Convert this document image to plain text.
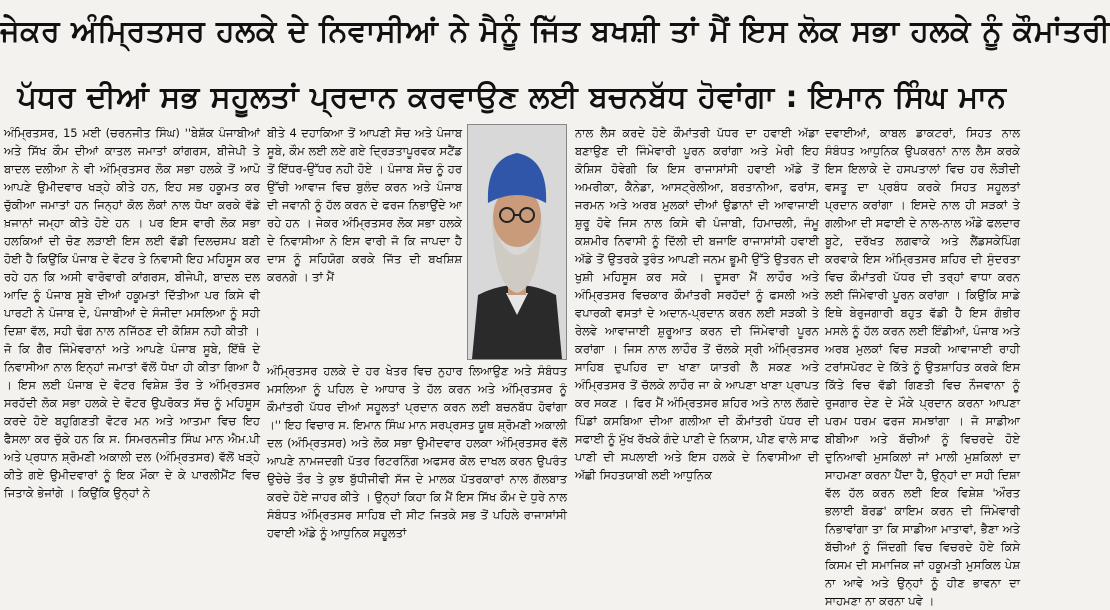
ਜੇਕਰ ਅੰਮ੍ਰਿਤਸਰ ਹਲਕੇ ਦੇ ਨਿਵਾਸੀਆਂ ਨੇ ਮੈਨੂੰ ਜਿੱਤ ਬਖਸ਼ੀ ਤਾਂ ਮੈਂ ਇਸ ਲੋਕ ਸਭਾ ਹਲਕੇ ਨੂੰ ਕੌਮਾਂਤਰੀ
ਪੱਧਰ ਦੀਆਂ ਸਭ ਸਹੂਲਤਾਂ ਪ੍ਰਦਾਨ ਕਰਵਾਉਣ ਲਈ ਬਚਨਬੱਧ ਹੋਵਾਂਗਾ : ਇਮਾਨ ਸਿੰਘ ਮਾਨ

ਅੰਮ੍ਰਿਤਸਰ, 15 ਮਈ (ਚਰਨਜੀਤ ਸਿੰਘ) ''ਬੇਸ਼ੱਕ ਪੰਜਾਬੀਆਂ ਅਤੇ ਸਿੱਖ ਕੌਮ ਦੀਆਂ ਕਾਤਲ ਜਮਾਤਾਂ ਕਾਂਗਰਸ, ਬੀਜੇਪੀ ਤੇ ਬਾਦਲ ਦਲੀਆ ਨੇ ਵੀ ਅੰਮ੍ਰਿਤਸਰ ਲੋਕ ਸਭਾ ਹਲਕੇ ਤੋਂ ਆਪੋ ਆਪਣੇ ਉਮੀਦਵਾਰ ਖੜ੍ਹੇ ਕੀਤੇ ਹਨ, ਇਹ ਸਭ ਹਕੂਮਤ ਕਰ ਚੁੱਕੀਆ ਜਮਾਤਾਂ ਹਨ ਜਿਨ੍ਹਾਂ ਕੋਲ ਲੋਕਾਂ ਨਾਲ ਧੋਖਾ ਕਰਕੇ ਵੱਡੇ ਖ਼ਜਾਨਾਂ ਜਮ੍ਹਾ ਕੀਤੇ ਹੋਏ ਹਨ । ਪਰ ਇਸ ਵਾਰੀ ਲੋਕ ਸਭਾ ਹਲਕਿਆਂ ਦੀ ਚੋਣ ਲੜਾਈ ਇਸ ਲਈ ਵੱਡੀ ਦਿਲਚਸਪ ਬਣੀ ਹੋਈ ਹੈ ਕਿਉਂਕਿ ਪੰਜਾਬ ਦੇ ਵੋਟਰ ਤੇ ਨਿਵਾਸੀ ਇਹ ਮਹਿਸੂਸ ਕਰ ਰਹੇ ਹਨ ਕਿ ਅਸੀ ਵਾਰੋਵਾਰੀ ਕਾਂਗਰਸ, ਬੀਜੇਪੀ, ਬਾਦਲ ਦਲ ਆਦਿ ਨੂੰ ਪੰਜਾਬ ਸੂਬੇ ਦੀਆਂ ਹਕੂਮਤਾਂ ਦਿੱਤੀਆ ਪਰ ਕਿਸੇ ਵੀ ਪਾਰਟੀ ਨੇ ਪੰਜਾਬ ਦੇ, ਪੰਜਾਬੀਆਂ ਦੇ ਸੰਜੀਦਾ ਮਸਲਿਆ ਨੂੰ ਸਹੀ ਦਿਸ਼ਾ ਵੱਲ, ਸਹੀ ਢੰਗ ਨਾਲ ਨਜਿੱਠਣ ਦੀ ਕੋਸ਼ਿਸ ਨਹੀ ਕੀਤੀ । ਜੋ ਕਿ ਗੈਰ ਜਿੰਮੇਵਰਾਨਾਂ ਅਤੇ ਆਪਣੇ ਪੰਜਾਬ ਸੂਬੇ, ਇੱਥੋ ਦੇ ਨਿਵਾਸੀਆ ਨਾਲ ਇਨ੍ਹਾਂ ਜਮਾਤਾਂ ਵੱਲੋਂ ਧੋਖਾ ਹੀ ਕੀਤਾ ਗਿਆ ਹੈ । ਇਸ ਲਈ ਪੰਜਾਬ ਦੇ ਵੋਟਰ ਵਿਸ਼ੇਸ਼ ਤੌਰ ਤੇ ਅੰਮ੍ਰਿਤਸਰ ਸਰਹੱਦੀ ਲੋਕ ਸਭਾ ਹਲਕੇ ਦੇ ਵੋਟਰ ਉਪਰੋਕਤ ਸੱਚ ਨੂੰ ਮਹਿਸੂਸ ਕਰਦੇ ਹੋਏ ਬਹੁਗਿਣਤੀ ਵੋਟਰ ਮਨ ਅਤੇ ਆਤਮਾ ਵਿਚ ਇਹ ਫੈਸਲਾ ਕਰ ਚੁੱਕੇ ਹਨ ਕਿ ਸ. ਸਿਮਰਨਜੀਤ ਸਿੰਘ ਮਾਨ ਐਮ.ਪੀ ਅਤੇ ਪ੍ਰਧਾਨ ਸ਼੍ਰੋਮਣੀ ਅਕਾਲੀ ਦਲ (ਅੰਮ੍ਰਿਤਸਰ) ਵੱਲੋਂ ਖੜ੍ਹੇ ਕੀਤੇ ਗਏ ਉਮੀਦਵਾਰਾਂ ਨੂੰ ਇਕ ਮੌਕਾ ਦੇ ਕੇ ਪਾਰਲੀਮੈਂਟ ਵਿਚ ਜਿਤਾਕੇ ਭੇਜਾਂਗੇ । ਕਿਉਂਕਿ ਉਨ੍ਹਾਂ ਨੇ

ਬੀਤੇ 4 ਦਹਾਕਿਆ ਤੋਂ ਆਪਣੀ ਸੋਚ ਅਤੇ ਪੰਜਾਬ ਸੂਬੇ, ਕੌਮ ਲਈ ਲਏ ਗਏ ਦ੍ਰਿੜਤਾਪੂਰਵਕ ਸਟੈਂਡ ਤੋਂ ਇੱਧਰ-ਉੱਧਰ ਨਹੀ ਹੋਏ । ਪੰਜਾਬ ਸੋਚ ਨੂੰ ਹਰ ਉੱਚੀ ਆਵਾਜ ਵਿਚ ਬੁਲੰਦ ਕਰਨ ਅਤੇ ਪੰਜਾਬ ਦੀ ਜਵਾਨੀ ਨੂੰ ਹੱਲ ਕਰਨ ਦੇ ਫਰਜ ਨਿਭਾਉਂਦੇ ਆ ਰਹੇ ਹਨ । ਜੇਕਰ ਅੰਮ੍ਰਿਤਸਰ ਲੋਕ ਸਭਾ ਹਲਕੇ ਦੇ ਨਿਵਾਸੀਆ ਨੇ ਇਸ ਵਾਰੀ ਜੋ ਕਿ ਜਾਪਦਾ ਹੈ ਦਾਸ ਨੂੰ ਸਹਿਯੋਗ ਕਰਕੇ ਜਿੱਤ ਦੀ ਬਖਸ਼ਿਸ਼ ਕਰਨਗੇ । ਤਾਂ ਮੈਂ

ਅੰਮ੍ਰਿਤਸਰ ਹਲਕੇ ਦੇ ਹਰ ਖੇਤਰ ਵਿਚ ਨੁਹਾਰ ਲਿਆਉਣ ਅਤੇ ਸੰਬੰਧਤ ਮਸਲਿਆ ਨੂੰ ਪਹਿਲ ਦੇ ਆਧਾਰ ਤੇ ਹੱਲ ਕਰਨ ਅਤੇ ਅੰਮ੍ਰਿਤਸਰ ਨੂੰ ਕੌਮਾਂਤਰੀ ਪੱਧਰ ਦੀਆਂ ਸਹੂਲਤਾਂ ਪ੍ਰਦਾਨ ਕਰਨ ਲਈ ਬਚਨਬੱਧ ਹੋਵਾਂਗਾ ।'' ਇਹ ਵਿਚਾਰ ਸ. ਇਮਾਨ ਸਿੰਘ ਮਾਨ ਸਰਪ੍ਰਸਤ ਯੂਥ ਸ਼੍ਰੋਮਣੀ ਅਕਾਲੀ ਦਲ (ਅੰਮ੍ਰਿਤਸਰ) ਅਤੇ ਲੋਕ ਸਭਾ ਉਮੀਦਵਾਰ ਹਲਕਾ ਅੰਮ੍ਰਿਤਸਰ ਵੱਲੋਂ ਆਪਣੇ ਨਾਮਜਦਗੀ ਪੱਤਰ ਰਿਟਰਨਿੰਗ ਅਫਸਰ ਕੋਲ ਦਾਖਲ ਕਰਨ ਉਪਰੰਤ ਉਚੇਚੇ ਤੌਰ ਤੇ ਕੁਝ ਬੁੱਧੀਜੀਵੀ ਸੱਜ ਦੇ ਮਾਲਕ ਪੱਤਰਕਾਰਾਂ ਨਾਲ ਗੱਲਬਾਤ ਕਰਦੇ ਹੋਏ ਜਾਹਰ ਕੀਤੇ । ਉਨ੍ਹਾਂ ਕਿਹਾ ਕਿ ਮੈਂ ਇਸ ਸਿੱਖ ਕੌਮ ਦੇ ਧੁਰੇ ਨਾਲ ਸੰਬੰਧਤ ਅੰਮ੍ਰਿਤਸਰ ਸਾਹਿਬ ਦੀ ਸੀਟ ਜਿਤਕੇ ਸਭ ਤੋਂ ਪਹਿਲੇ ਰਾਜਾਸਾਂਸੀ ਹਵਾਈ ਅੱਡੇ ਨੂੰ ਆਧੁਨਿਕ ਸਹੂਲਤਾਂ

ਨਾਲ ਲੈਸ ਕਰਦੇ ਹੋਏ ਕੌਮਾਂਤਰੀ ਪੱਧਰ ਦਾ ਹਵਾਈ ਅੱਡਾ ਬਣਾਉਣ ਦੀ ਜਿੰਮੇਵਾਰੀ ਪੂਰਨ ਕਰਾਂਗਾ ਅਤੇ ਮੇਰੀ ਇਹ ਕੋਸ਼ਿਸ ਹੋਵੇਗੀ ਕਿ ਇਸ ਰਾਜਾਸਾਂਸੀ ਹਵਾਈ ਅੱਡੇ ਤੋਂ ਅਮਰੀਕਾ, ਕੈਨੇਡਾ, ਆਸਟ੍ਰੇਲੀਆ, ਬਰਤਾਨੀਆ, ਫਰਾਂਸ, ਜਰਮਨ ਅਤੇ ਅਰਬ ਮੁਲਕਾਂ ਦੀਆਂ ਉਡਾਨਾਂ ਦੀ ਆਵਾਜਾਈ ਸ਼ੁਰੂ ਹੋਵੇ ਜਿਸ ਨਾਲ ਕਿਸੇ ਵੀ ਪੰਜਾਬੀ, ਹਿਮਾਚਲੀ, ਜੰਮੂ ਕਸ਼ਮੀਰ ਨਿਵਾਸੀ ਨੂੰ ਦਿੱਲੀ ਦੀ ਬਜਾਇ ਰਾਜਾਸਾਂਸੀ ਹਵਾਈ ਅੱਡੇ ਤੋਂ ਉਤਰਕੇ ਤੁਰੰਤ ਆਪਣੀ ਜਨਮ ਭੂਮੀ ਉੱਤੇ ਉਤਰਨ ਦੀ ਖੁਸ਼ੀ ਮਹਿਸੂਸ ਕਰ ਸਕੇ । ਦੂਸਰਾ ਮੈਂ ਲਾਹੌਰ ਅਤੇ ਅੰਮ੍ਰਿਤਸਰ ਵਿਚਕਾਰ ਕੌਮਾਂਤਰੀ ਸਰਹੱਦਾਂ ਨੂੰ ਫਸਲੀ ਅਤੇ ਵਪਾਰਕੀ ਵਸਤਾਂ ਦੇ ਅਦਾਨ-ਪ੍ਰਦਾਨ ਕਰਨ ਲਈ ਸੜਕੀ ਤੇ ਰੇਲਵੇ ਆਵਾਜਾਈ ਸ਼ੁਰੂਆਤ ਕਰਨ ਦੀ ਜਿੰਮੇਵਾਰੀ ਪੂਰਨ ਕਰਾਂਗਾ । ਜਿਸ ਨਾਲ ਲਾਹੌਰ ਤੋਂ ਚੱਲਕੇ ਸ੍ਰੀ ਅੰਮ੍ਰਿਤਸਰ ਸਾਹਿਬ ਦੁਪਹਿਰ ਦਾ ਖਾਣਾ ਯਾਤਰੀ ਲੈ ਸਕਣ ਅਤੇ ਅੰਮ੍ਰਿਤਸਰ ਤੋਂ ਚੱਲਕੇ ਲਾਹੌਰ ਜਾ ਕੇ ਆਪਣਾ ਖਾਣਾ ਪ੍ਰਾਪਤ ਕਰ ਸਕਣ । ਫਿਰ ਮੈਂ ਅੰਮ੍ਰਿਤਸਰ ਸ਼ਹਿਰ ਅਤੇ ਨਾਲ ਲੱਗਦੇ ਪਿੰਡਾਂ ਕਸਬਿਆ ਦੀਆ ਗਲੀਆ ਦੀ ਕੌਮਾਂਤਰੀ ਪੱਧਰ ਦੀ ਸਫਾਈ ਨੂੰ ਮੁੱਖ ਰੱਖਕੇ ਗੰਦੇ ਪਾਣੀ ਦੇ ਨਿਕਾਸ, ਪੀਣ ਵਾਲੇ ਸਾਫ ਪਾਣੀ ਦੀ ਸਪਲਾਈ ਅਤੇ ਇਸ ਹਲਕੇ ਦੇ ਨਿਵਾਸੀਆ ਦੀ ਅੱਛੀ ਸਿਹਤਯਾਬੀ ਲਈ ਆਧੁਨਿਕ

ਦਵਾਈਆਂ, ਕਾਬਲ ਡਾਕਟਰਾਂ, ਸਿਹਤ ਨਾਲ ਸੰਬੰਧਤ ਆਧੁਨਿਕ ਉਪਕਰਨਾਂ ਨਾਲ ਲੈਸ ਕਰਕੇ ਇਸ ਇਲਾਕੇ ਦੇ ਹਸਪਤਾਲਾਂ ਵਿਚ ਹਰ ਲੋੜੀਦੀ ਵਸਤੂ ਦਾ ਪ੍ਰਬੰਧ ਕਰਕੇ ਸਿਹਤ ਸਹੂਲਤਾਂ ਪ੍ਰਦਾਨ ਕਰਾਂਗਾ । ਇਸਦੇ ਨਾਲ ਹੀ ਸੜਕਾਂ ਤੇ ਗਲੀਆ ਦੀ ਸਫਾਈ ਦੇ ਨਾਲ-ਨਾਲ ਔਡੇ ਫਲਦਾਰ ਬੂਟੇ, ਦਰੱਖਤ ਲਗਵਾਕੇ ਅਤੇ ਲੈਂਡਸਕੇਪਿੰਗ ਕਰਵਾਕੇ ਇਸ ਅੰਮ੍ਰਿਤਸਰ ਸ਼ਹਿਰ ਦੀ ਸੁੰਦਰਤਾ ਵਿਚ ਕੌਮਾਂਤਰੀ ਪੱਧਰ ਦੀ ਤਰ੍ਹਾਂ ਵਾਧਾ ਕਰਨ ਲਈ ਜਿੰਮੇਵਾਰੀ ਪੂਰਨ ਕਰਾਂਗਾ । ਕਿਉਂਕਿ ਸਾਡੇ ਇਥੇ ਬੇਰੁਜਗਾਰੀ ਬਹੁਤ ਵੱਡੀ ਹੈ ਇਸ ਗੰਭੀਰ ਮਸਲੇ ਨੂੰ ਹੱਲ ਕਰਨ ਲਈ ਇੰਡੀਆਂ, ਪੰਜਾਬ ਅਤੇ ਅਰਬ ਮੁਲਕਾਂ ਵਿਚ ਸੜਕੀ ਆਵਾਜਾਈ ਰਾਹੀ ਟਰਾਂਸਪੋਰਟ ਦੇ ਕਿੱਤੇ ਨੂੰ ਉਤਸ਼ਾਹਿਤ ਕਰਕੇ ਇਸ ਕਿੱਤੇ ਵਿਚ ਵੱਡੀ ਗਿਣਤੀ ਵਿਚ ਨੌਜਵਾਨਾ ਨੂੰ ਰੁਜਗਾਰ ਦੇਣ ਦੇ ਮੌਕੇ ਪ੍ਰਦਾਨ ਕਰਨਾ ਆਪਣਾ ਪਰਮ ਧਰਮ ਫਰਜ ਸਮਝਾਂਗਾ । ਜੋ ਸਾਡੀਆ ਬੀਬੀਆ ਅਤੇ ਬੱਚੀਆਂ ਨੂੰ ਵਿਚਰਦੇ ਹੋਏ ਦੁਨਿਆਵੀ ਮੁਸਕਿਲਾਂ ਜਾਂ ਮਾਲੀ ਮੁਸ਼ਕਿਲਾਂ ਦਾ ਸਾਹਮਣਾ ਕਰਨਾ ਪੈਂਦਾ ਹੈ, ਉਨ੍ਹਾਂ ਦਾ ਸਹੀ ਦਿਸ਼ਾ ਵੱਲ ਹੱਲ ਕਰਨ ਲਈ ਇਕ ਵਿਸ਼ੇਸ਼ 'ਔਰਤ ਭਲਾਈ ਬੋਰਡ' ਕਾਇਮ ਕਰਨ ਦੀ ਜਿੰਮੇਵਾਰੀ ਨਿਭਾਵਾਂਗਾ ਤਾ ਕਿ ਸਾਡੀਆ ਮਾਤਾਵਾਂ, ਭੈਣਾ ਅਤੇ ਬੱਚੀਆਂ ਨੂੰ ਜਿੰਦਗੀ ਵਿਚ ਵਿਚਰਦੇ ਹੋਏ ਕਿਸੇ ਕਿਸਮ ਦੀ ਸਮਾਜਿਕ ਜਾਂ ਹਕੂਮਤੀ ਮੁਸਕਿਲ ਪੇਸ਼ ਨਾ ਆਵੇ ਅਤੇ ਉਨ੍ਹਾਂ ਨੂੰ ਹੀਣ ਭਾਵਨਾ ਦਾ ਸਾਹਮਣਾ ਨਾ ਕਰਨਾ ਪਵੇ ।
